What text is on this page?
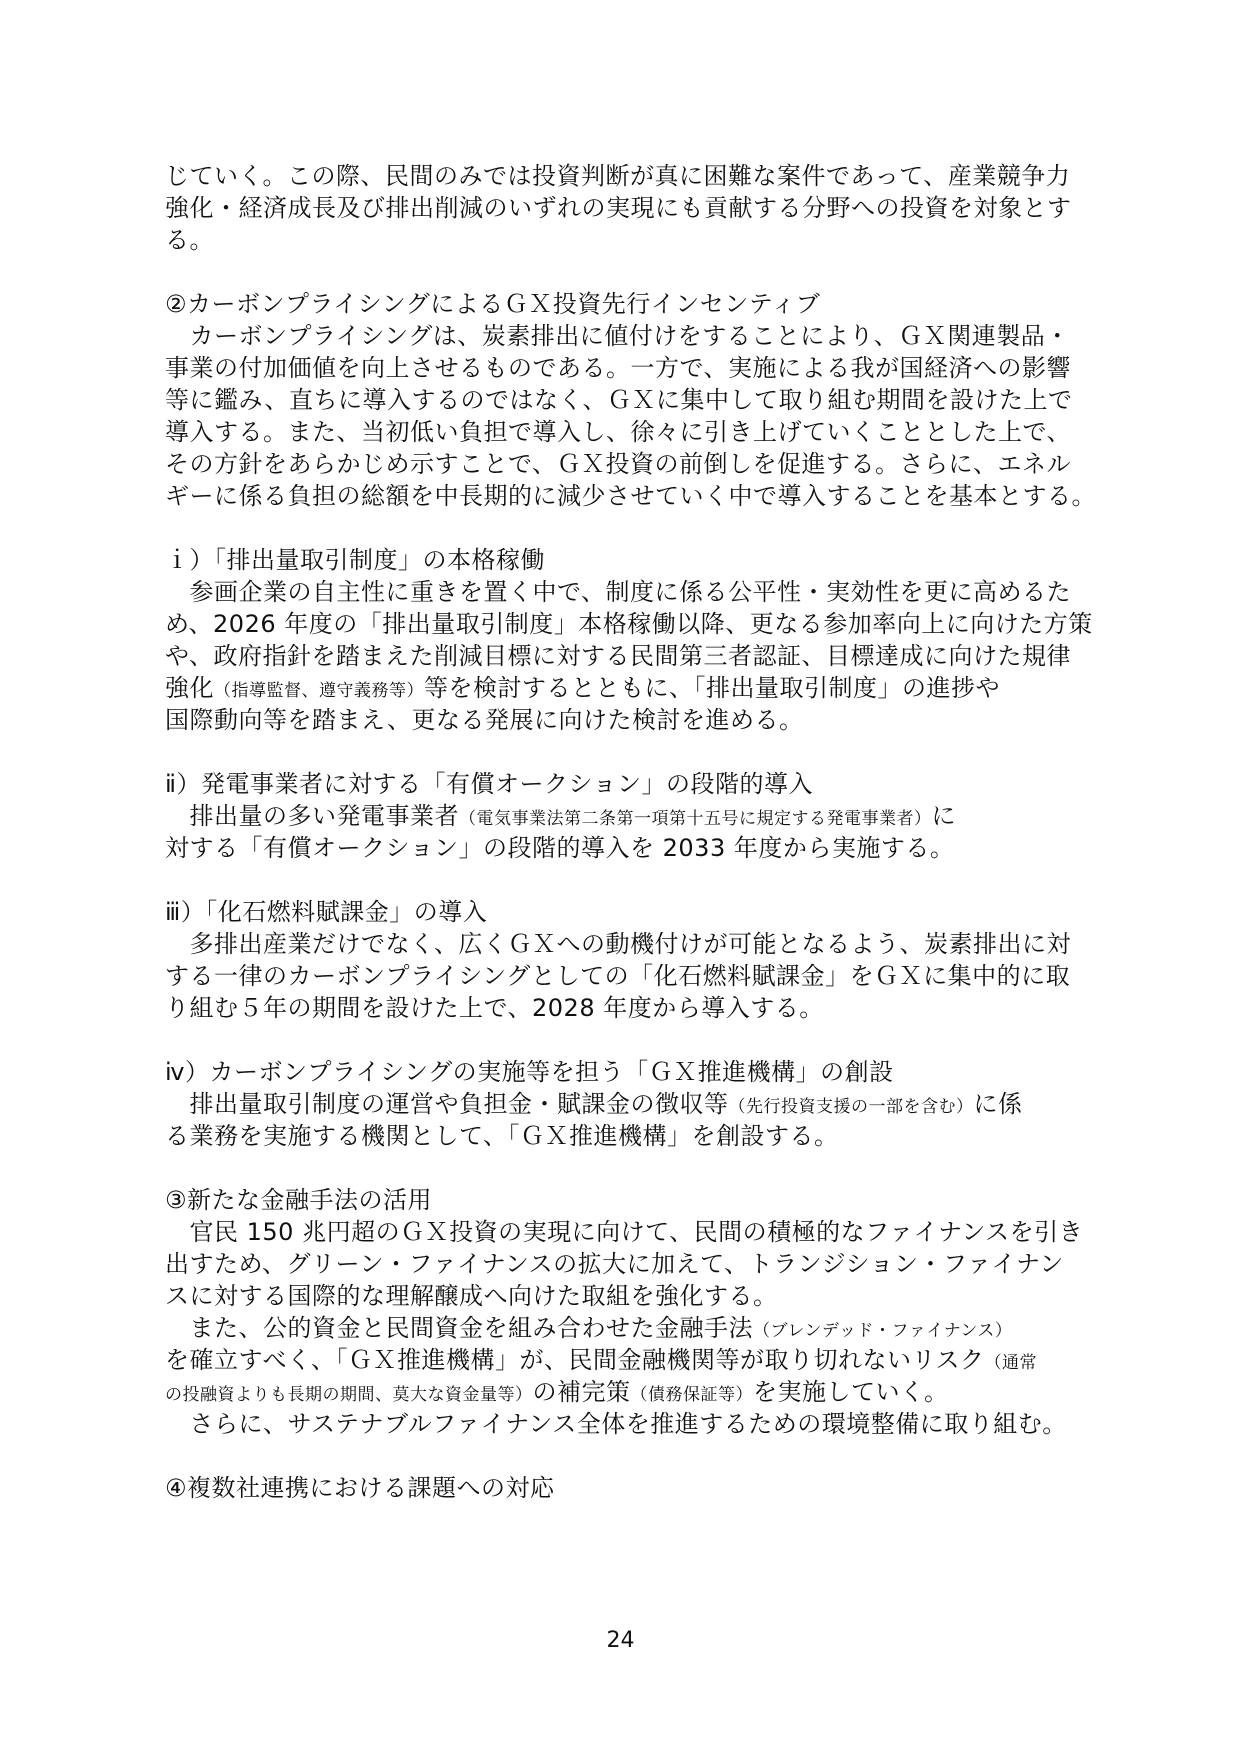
じていく。この際、民間のみでは投資判断が真に困難な案件であって、産業競争力
強化・経済成長及び排出削減のいずれの実現にも貢献する分野への投資を対象とす
る。
②カーボンプライシングによるＧＸ投資先行インセンティブ
　カーボンプライシングは、炭素排出に値付けをすることにより、ＧＸ関連製品・
事業の付加価値を向上させるものである。一方で、実施による我が国経済への影響
等に鑑み、直ちに導入するのではなく、ＧＸに集中して取り組む期間を設けた上で
導入する。また、当初低い負担で導入し、徐々に引き上げていくこととした上で、
その方針をあらかじめ示すことで、ＧＸ投資の前倒しを促進する。さらに、エネル
ギーに係る負担の総額を中長期的に減少させていく中で導入することを基本とする。
ｉ）「排出量取引制度」の本格稼働
　参画企業の自主性に重きを置く中で、制度に係る公平性・実効性を更に高めるた
め、2026 年度の「排出量取引制度」本格稼働以降、更なる参加率向上に向けた方策
や、政府指針を踏まえた削減目標に対する民間第三者認証、目標達成に向けた規律
強化（指導監督、遵守義務等）等を検討するとともに、「排出量取引制度」の進捗や
国際動向等を踏まえ、更なる発展に向けた検討を進める。
ⅱ）発電事業者に対する「有償オークション」の段階的導入
　排出量の多い発電事業者（電気事業法第二条第一項第十五号に規定する発電事業者）に
対する「有償オークション」の段階的導入を 2033 年度から実施する。
ⅲ）「化石燃料賦課金」の導入
　多排出産業だけでなく、広くＧＸへの動機付けが可能となるよう、炭素排出に対
する一律のカーボンプライシングとしての「化石燃料賦課金」をＧＸに集中的に取
り組む５年の期間を設けた上で、2028 年度から導入する。
ⅳ）カーボンプライシングの実施等を担う「ＧＸ推進機構」の創設
　排出量取引制度の運営や負担金・賦課金の徴収等（先行投資支援の一部を含む）に係
る業務を実施する機関として、「ＧＸ推進機構」を創設する。
③新たな金融手法の活用
　官民 150 兆円超のＧＸ投資の実現に向けて、民間の積極的なファイナンスを引き
出すため、グリーン・ファイナンスの拡大に加えて、トランジション・ファイナン
スに対する国際的な理解醸成へ向けた取組を強化する。
　また、公的資金と民間資金を組み合わせた金融手法（ブレンデッド・ファイナンス）
を確立すべく、「ＧＸ推進機構」が、民間金融機関等が取り切れないリスク（通常
の投融資よりも長期の期間、莫大な資金量等）の補完策（債務保証等）を実施していく。
　さらに、サステナブルファイナンス全体を推進するための環境整備に取り組む。
④複数社連携における課題への対応
24
